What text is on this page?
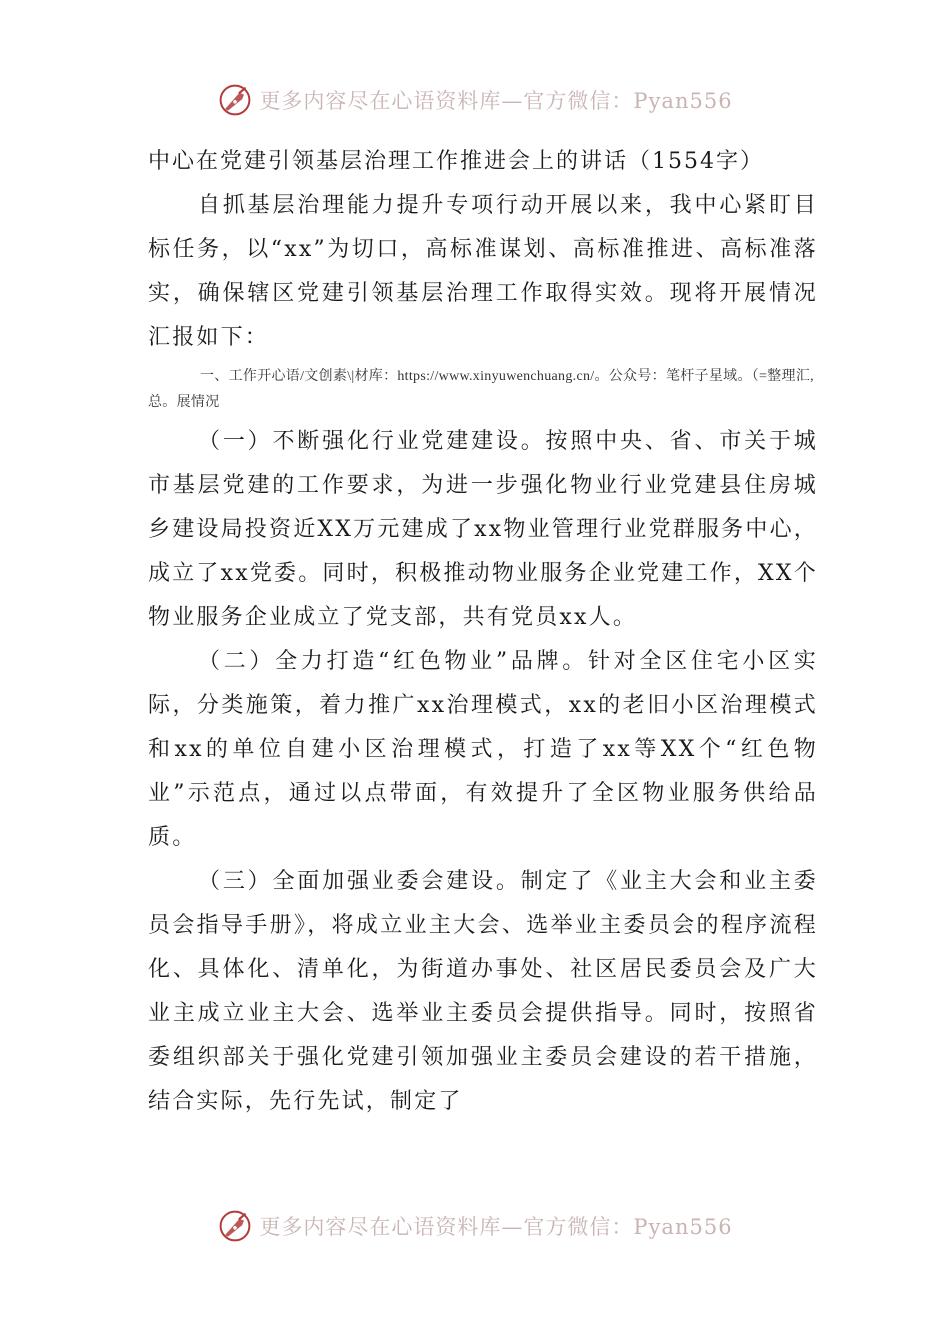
更多内容尽在心语资料库—官方微信：Pyan556

中心在党建引领基层治理工作推进会上的讲话（1554字）

自抓基层治理能力提升专项行动开展以来，我中心紧盯目标任务，以“xx”为切口，高标准谋划、高标准推进、高标准落实，确保辖区党建引领基层治理工作取得实效。现将开展情况汇报如下：

一、工作开心语/文创素\|材库：https://www.xinyuwenchuang.cn/。公众号：笔杆子星域。（=整理汇,总。展情况

（一）不断强化行业党建建设。按照中央、省、市关于城市基层党建的工作要求，为进一步强化物业行业党建县住房城乡建设局投资近XX万元建成了xx物业管理行业党群服务中心，成立了xx党委。同时，积极推动物业服务企业党建工作，XX个物业服务企业成立了党支部，共有党员xx人。

（二）全力打造“红色物业”品牌。针对全区住宅小区实际，分类施策，着力推广xx治理模式，xx的老旧小区治理模式和xx的单位自建小区治理模式，打造了xx等XX个“红色物业”示范点，通过以点带面，有效提升了全区物业服务供给品质。

（三）全面加强业委会建设。制定了《业主大会和业主委员会指导手册》，将成立业主大会、选举业主委员会的程序流程化、具体化、清单化，为街道办事处、社区居民委员会及广大业主成立业主大会、选举业主委员会提供指导。同时，按照省委组织部关于强化党建引领加强业主委员会建设的若干措施，结合实际，先行先试，制定了

更多内容尽在心语资料库—官方微信：Pyan556
